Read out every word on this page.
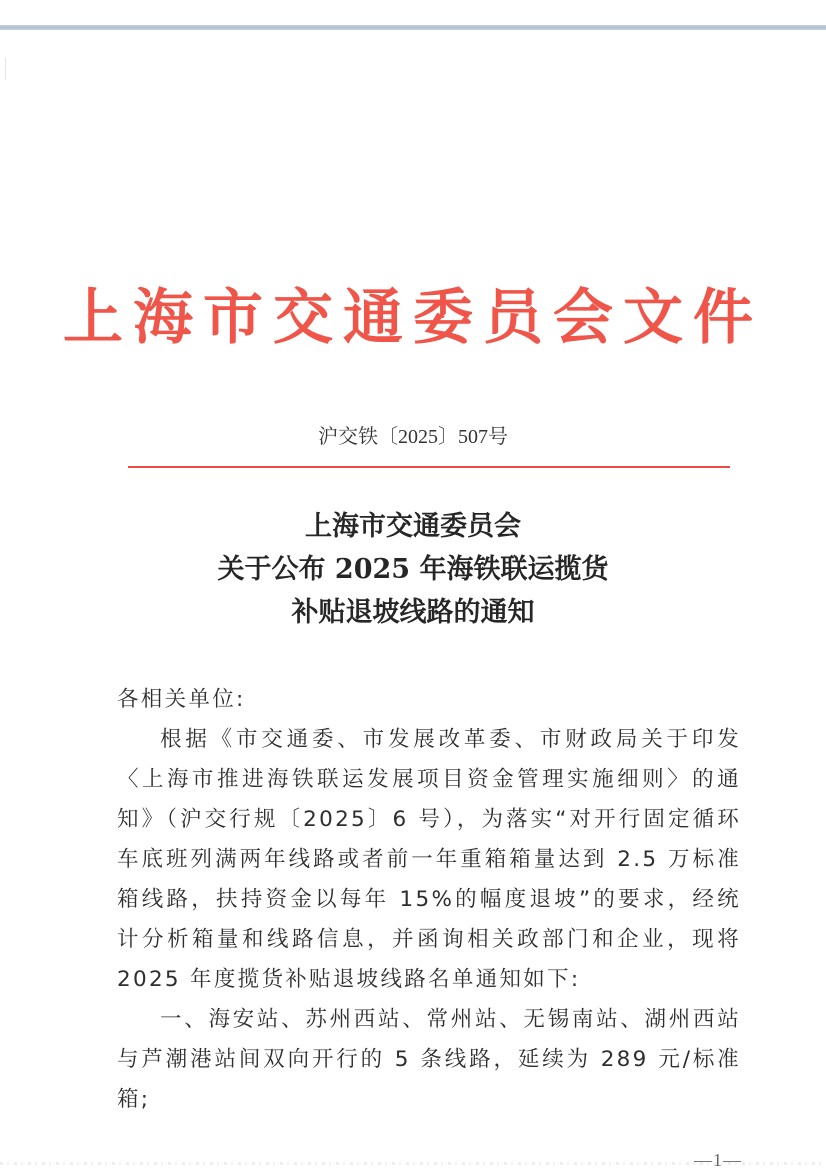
上海市交通委员会文件
沪交铁〔2025〕507号
上海市交通委员会
关于公布 2025 年海铁联运揽货
补贴退坡线路的通知

各相关单位:

根据《市交通委、市发展改革委、市财政局关于印发〈上海市推进海铁联运发展项目资金管理实施细则〉的通知》（沪交行规〔2025〕6 号），为落实“对开行固定循环车底班列满两年线路或者前一年重箱箱量达到 2.5 万标准箱线路，扶持资金以每年 15%的幅度退坡”的要求，经统计分析箱量和线路信息，并函询相关政部门和企业，现将 2025 年度揽货补贴退坡线路名单通知如下:

一、海安站、苏州西站、常州站、无锡南站、湖州西站与芦潮港站间双向开行的 5 条线路，延续为 289 元/标准箱;

—1—
